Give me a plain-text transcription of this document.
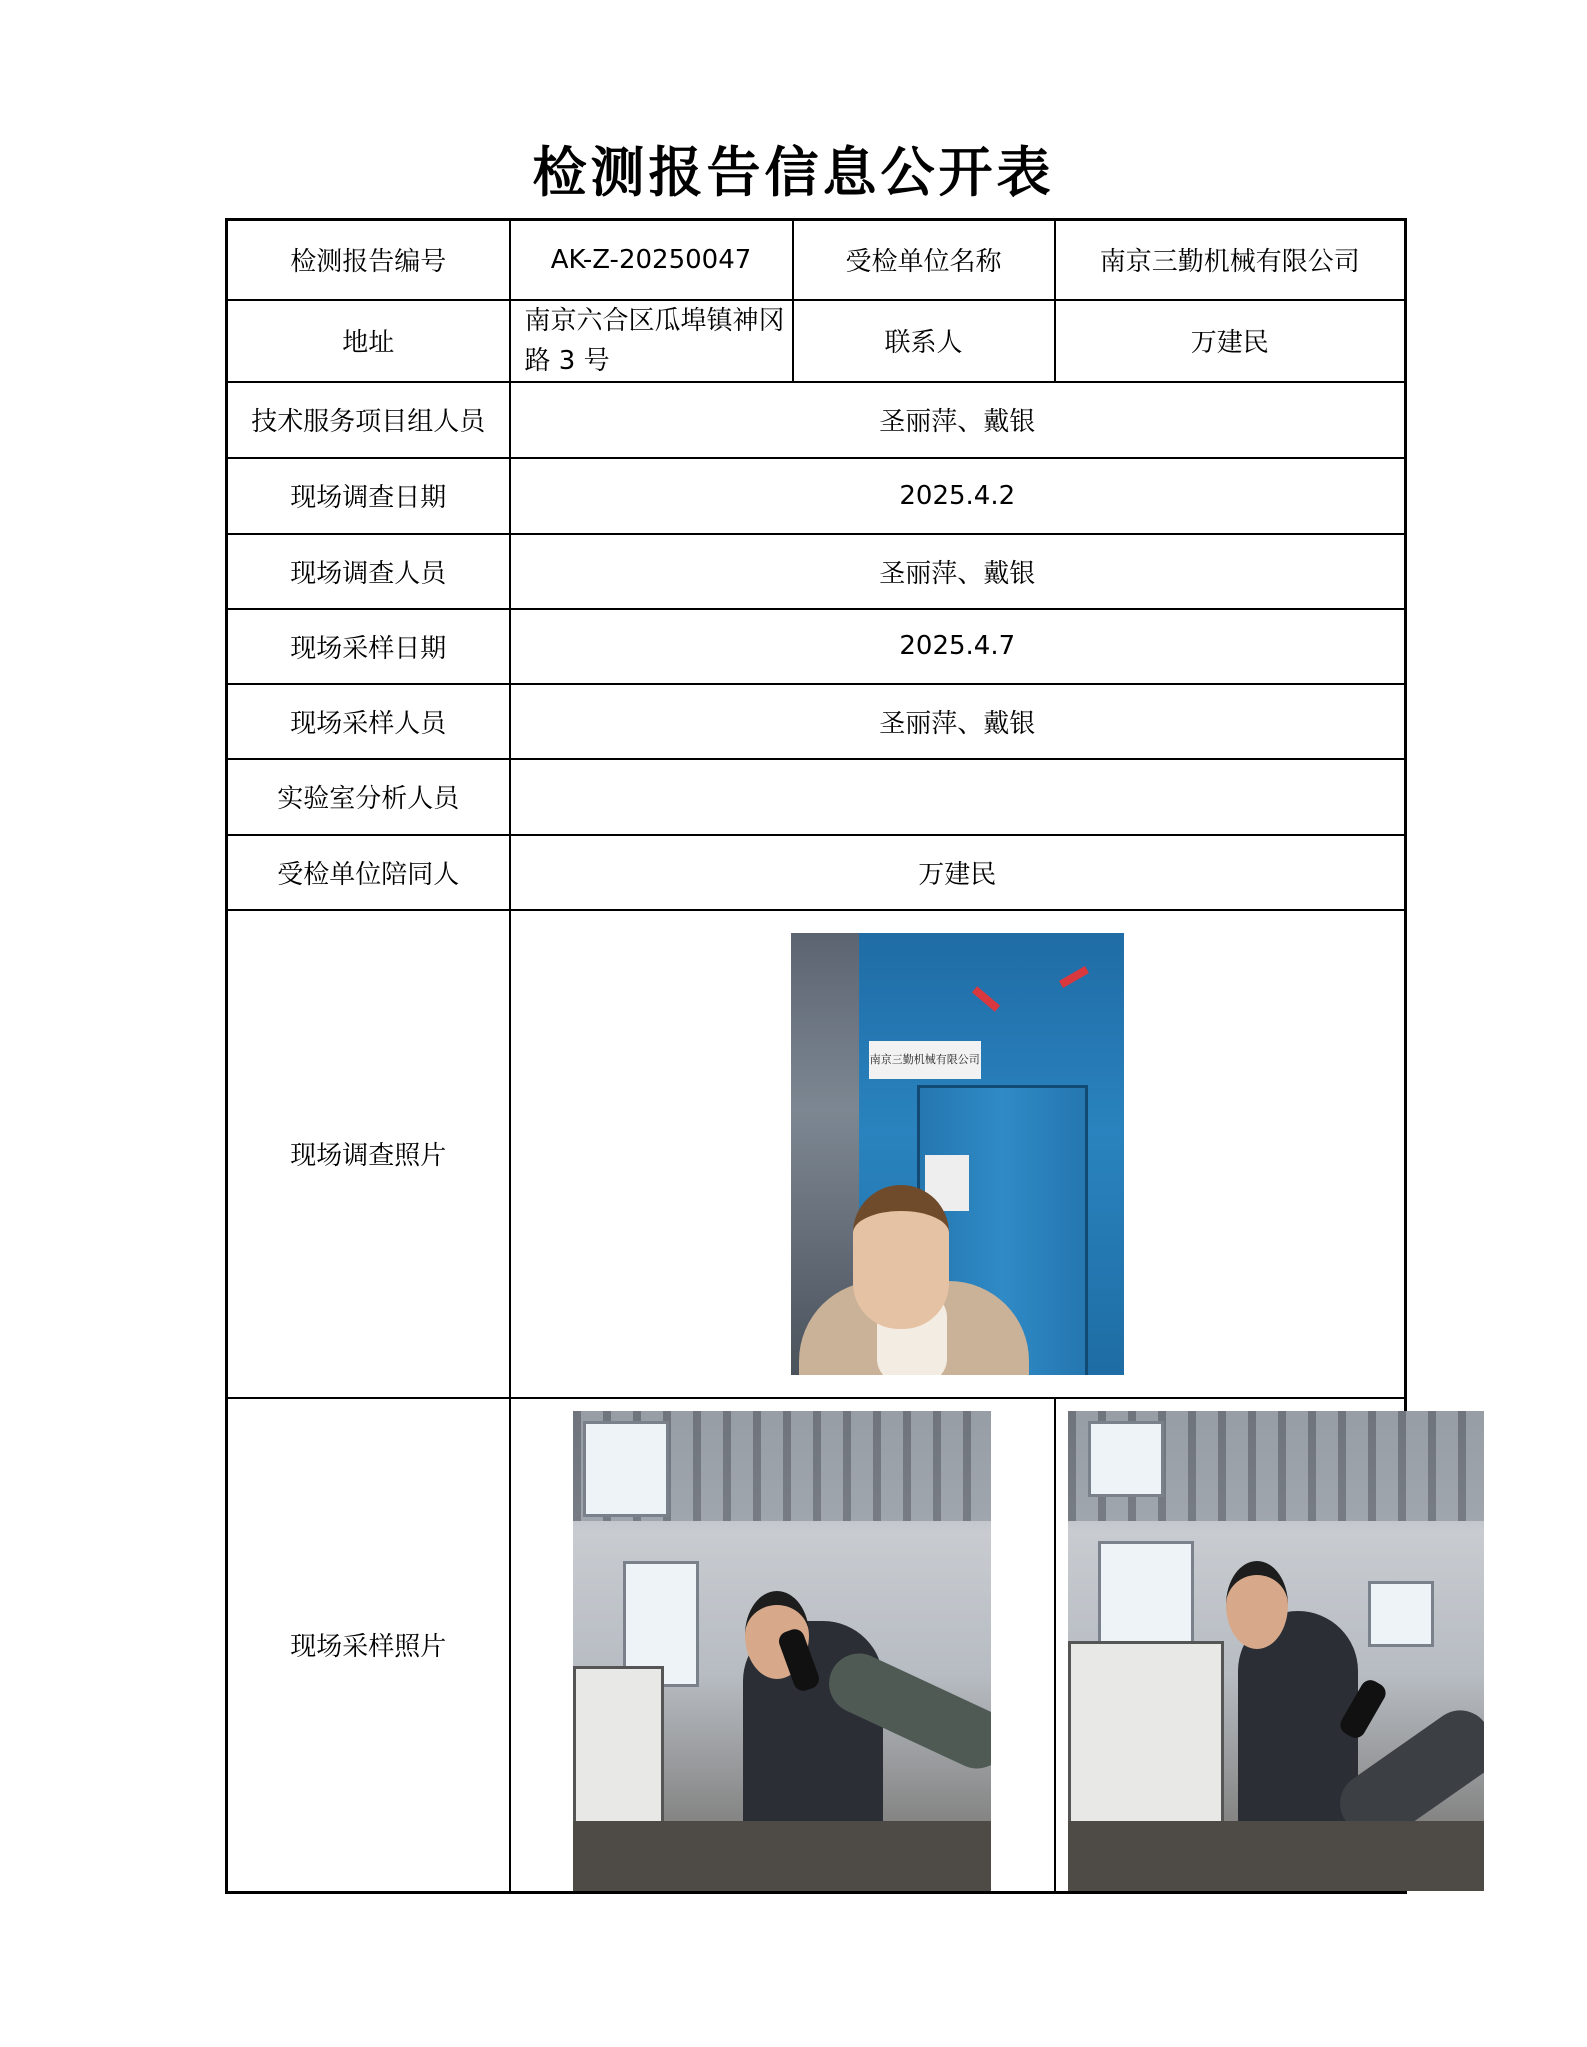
检测报告信息公开表
检测报告编号	AK-Z-20250047	受检单位名称	南京三勤机械有限公司
地址	南京六合区瓜埠镇神冈路 3 号	联系人	万建民
技术服务项目组人员	圣丽萍、戴银		
现场调查日期	2025.4.2		
现场调查人员	圣丽萍、戴银		
现场采样日期	2025.4.7		
现场采样人员	圣丽萍、戴银		
实验室分析人员			
受检单位陪同人	万建民		
现场调查照片	南京三勤机械有限公司		

现场采样照片		
